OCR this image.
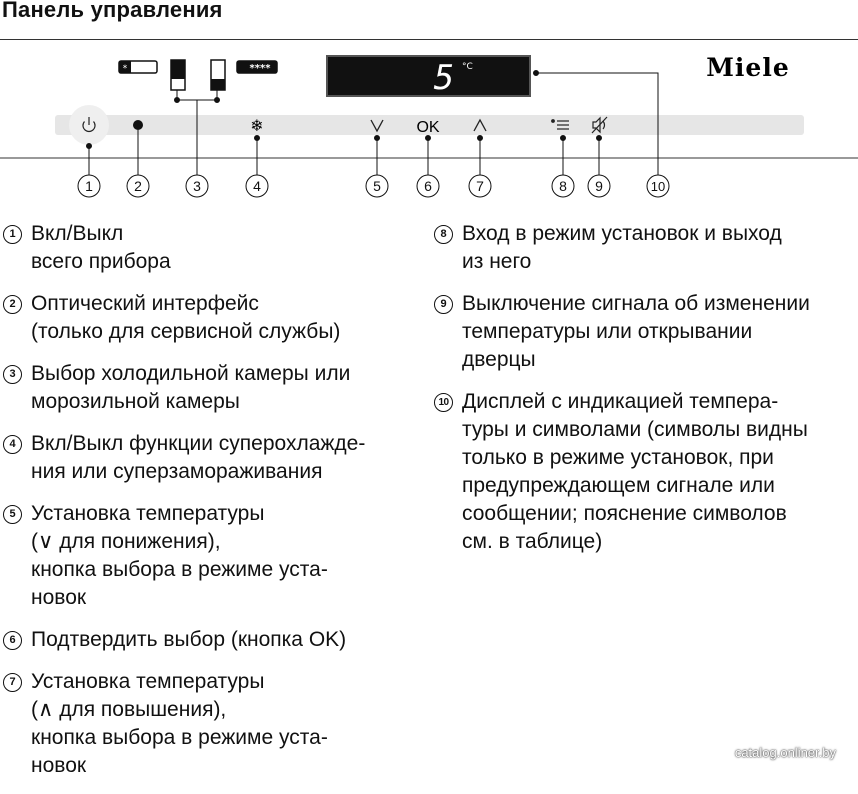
Панель управления
*	****	5 °C	Miele
❄	OK
1	2	3	4	5	6	7	8 9	10
1 Вкл/Выкл
всего прибора
2 Оптический интерфейс
(только для сервисной службы)
3 Выбор холодильной камеры или
морозильной камеры
4 Вкл/Выкл функции суперохлажде-
ния или суперзамораживания
5 Установка температуры
(∨ для понижения),
кнопка выбора в режиме уста-
новок
6 Подтвердить выбор (кнопка OK)
7 Установка температуры
(∧ для повышения),
кнопка выбора в режиме уста-
новок
8 Вход в режим установок и выход
из него
9 Выключение сигнала об изменении
температуры или открывании
дверцы
10 Дисплей с индикацией темпера-
туры и символами (символы видны
только в режиме установок, при
предупреждающем сигнале или
сообщении; пояснение символов
см. в таблице)
catalog.onliner.by
